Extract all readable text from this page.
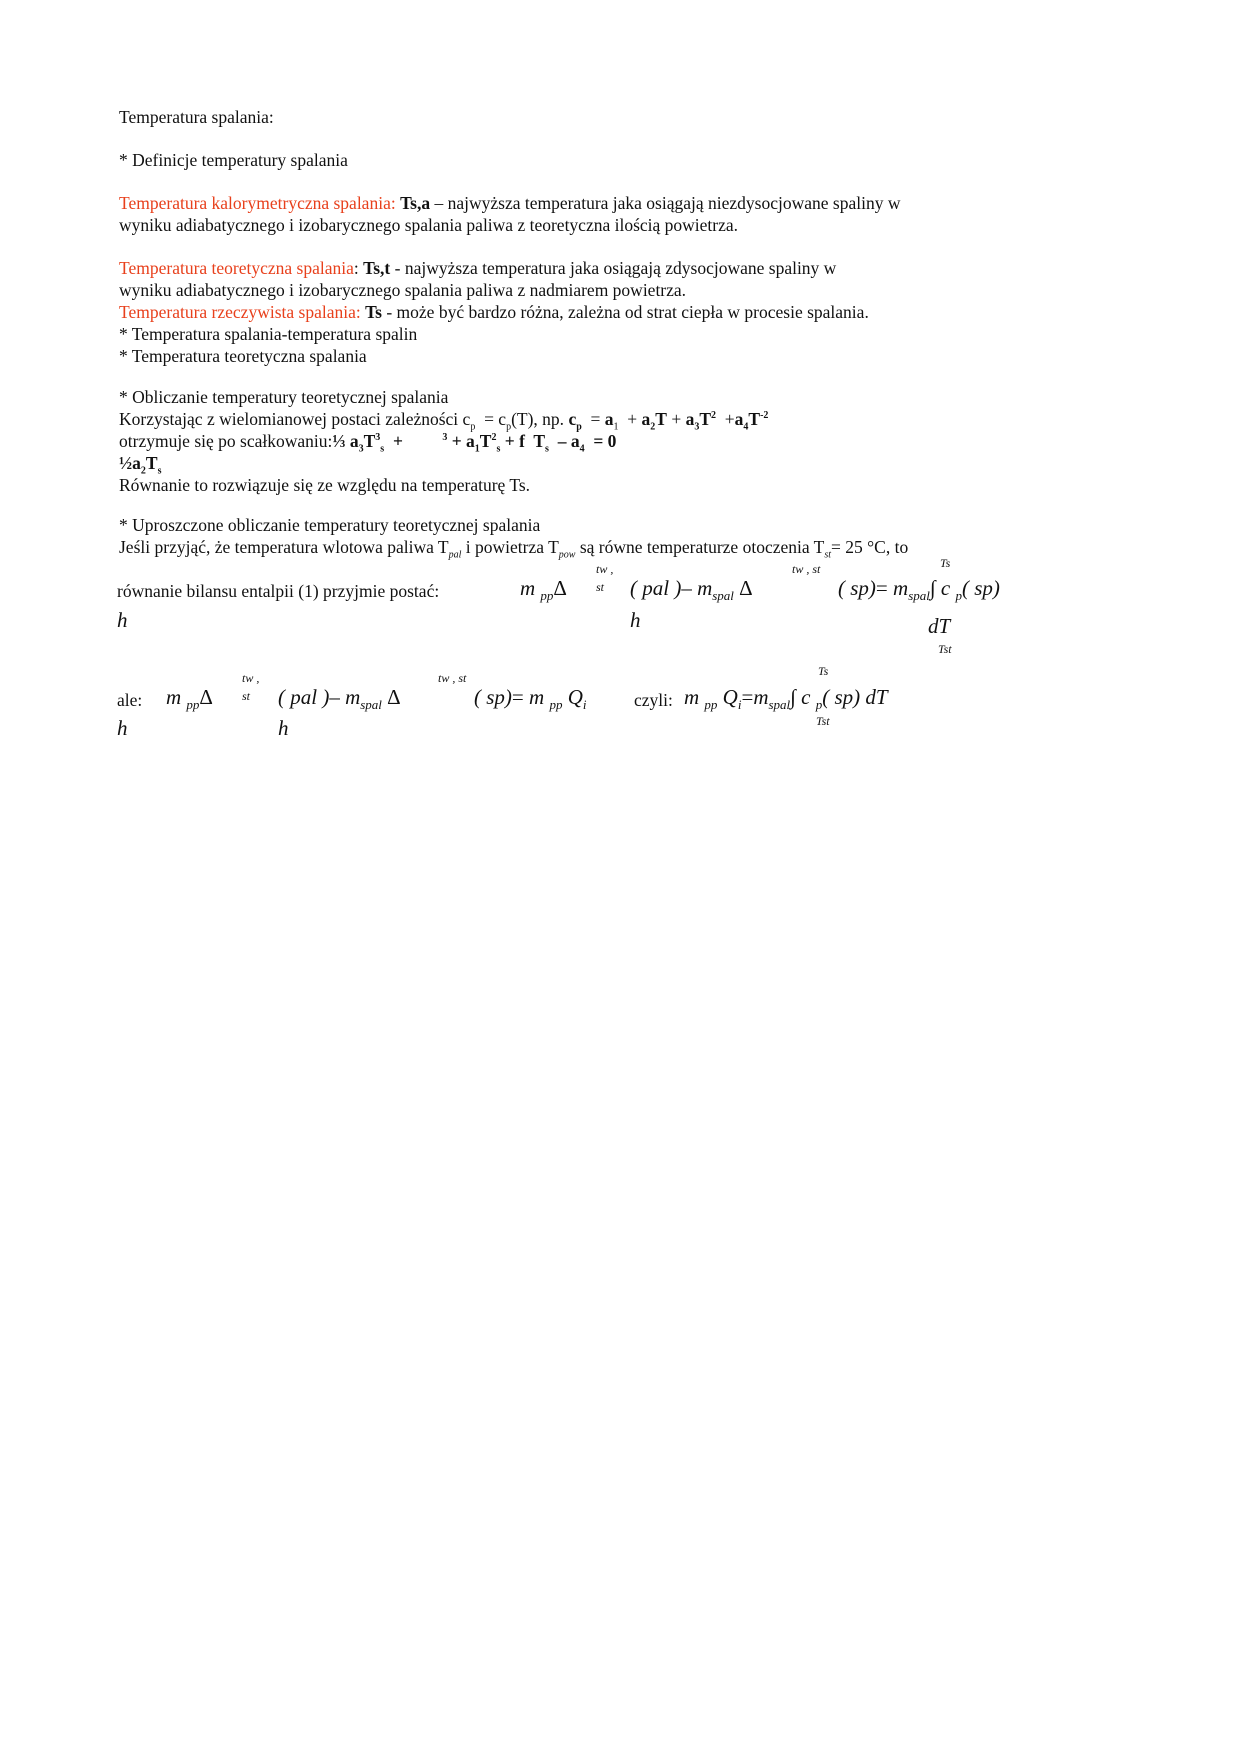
Temperatura spalania:
* Definicje temperatury spalania
Temperatura kalorymetryczna spalania: Ts,a – najwyższa temperatura jaka osiągają niezdysocjowane spaliny w
wyniku adiabatycznego i izobarycznego spalania paliwa z teoretyczna ilością powietrza.
Temperatura teoretyczna spalania: Ts,t - najwyższa temperatura jaka osiągają zdysocjowane spaliny w
wyniku adiabatycznego i izobarycznego spalania paliwa z nadmiarem powietrza.
Temperatura rzeczywista spalania: Ts - może być bardzo różna, zależna od strat ciepła w procesie spalania.
* Temperatura spalania-temperatura spalin
* Temperatura teoretyczna spalania
* Obliczanie temperatury teoretycznej spalania
Korzystając z wielomianowej postaci zależności $c_p = c_p(T)$, np. $c_p = a_1 + a_2T + a_3T^2 +a_4T^{-2}$
otrzymuje się po scałkowaniu:⅓ $a_3T^3_s$  +         $^3 + a_1T^2_s + f$  $T_s - a_4 = 0$
$\frac{1}{2}a_2T_s$
Równanie to rozwiązuje się ze względu na temperaturę Ts.
* Uproszczone obliczanie temperatury teoretycznej spalania
Jeśli przyjąć, że temperatura wlotowa paliwa $T_{pal}$ i powietrza $T_{pow}$ są równe temperaturze otoczenia $T_{st}= 25$ °C, to
równanie bilansu entalpii (1) przyjmie postać:	m $_{pp}$Δ
tw ,
st ( pal )– $m_{spal}$ Δ
tw , st
( $sp)= m_{spal}\int$ c $_p$( sp)
Ts
h	h	dT
Tst
ale: m $_{pp}$Δ
tw ,
st ( pal )– $m_{spal}$ Δ
tw , st
( sp)= m $_{pp}$ $Q_i$
h	h
czyli: m $_{pp}$ $Q_i=m_{spal}\int$ c $_p$( sp) dT
Ts
Tst
